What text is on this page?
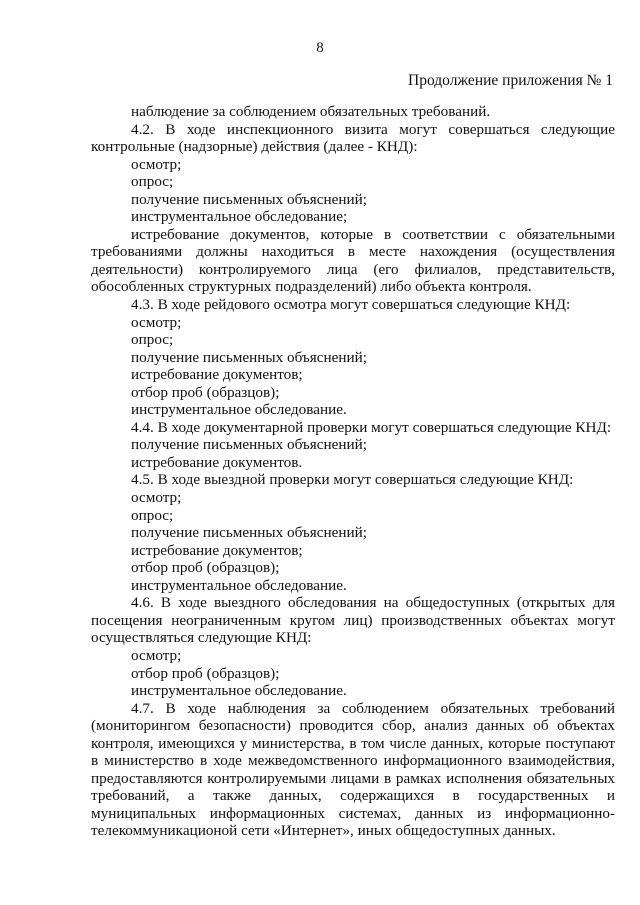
8
Продолжение приложения № 1
наблюдение за соблюдением обязательных требований.
4.2. В ходе инспекционного визита могут совершаться следующие
контрольные (надзорные) действия (далее - КНД):
осмотр;
опрос;
получение письменных объяснений;
инструментальное обследование;
истребование документов, которые в соответствии с обязательными
требованиями должны находиться в месте нахождения (осуществления
деятельности) контролируемого лица (его филиалов, представительств,
обособленных структурных подразделений) либо объекта контроля.
4.3. В ходе рейдового осмотра могут совершаться следующие КНД:
осмотр;
опрос;
получение письменных объяснений;
истребование документов;
отбор проб (образцов);
инструментальное обследование.
4.4. В ходе документарной проверки могут совершаться следующие КНД:
получение письменных объяснений;
истребование документов.
4.5. В ходе выездной проверки могут совершаться следующие КНД:
осмотр;
опрос;
получение письменных объяснений;
истребование документов;
отбор проб (образцов);
инструментальное обследование.
4.6. В ходе выездного обследования на общедоступных (открытых для
посещения неограниченным кругом лиц) производственных объектах могут
осуществляться следующие КНД:
осмотр;
отбор проб (образцов);
инструментальное обследование.
4.7. В ходе наблюдения за соблюдением обязательных требований
(мониторингом безопасности) проводится сбор, анализ данных об объектах
контроля, имеющихся у министерства, в том числе данных, которые поступают
в министерство в ходе межведомственного информационного взаимодействия,
предоставляются контролируемыми лицами в рамках исполнения обязательных
требований, а также данных, содержащихся в государственных и
муниципальных информационных системах, данных из информационно-
телекоммуникационой сети «Интернет», иных общедоступных данных.
